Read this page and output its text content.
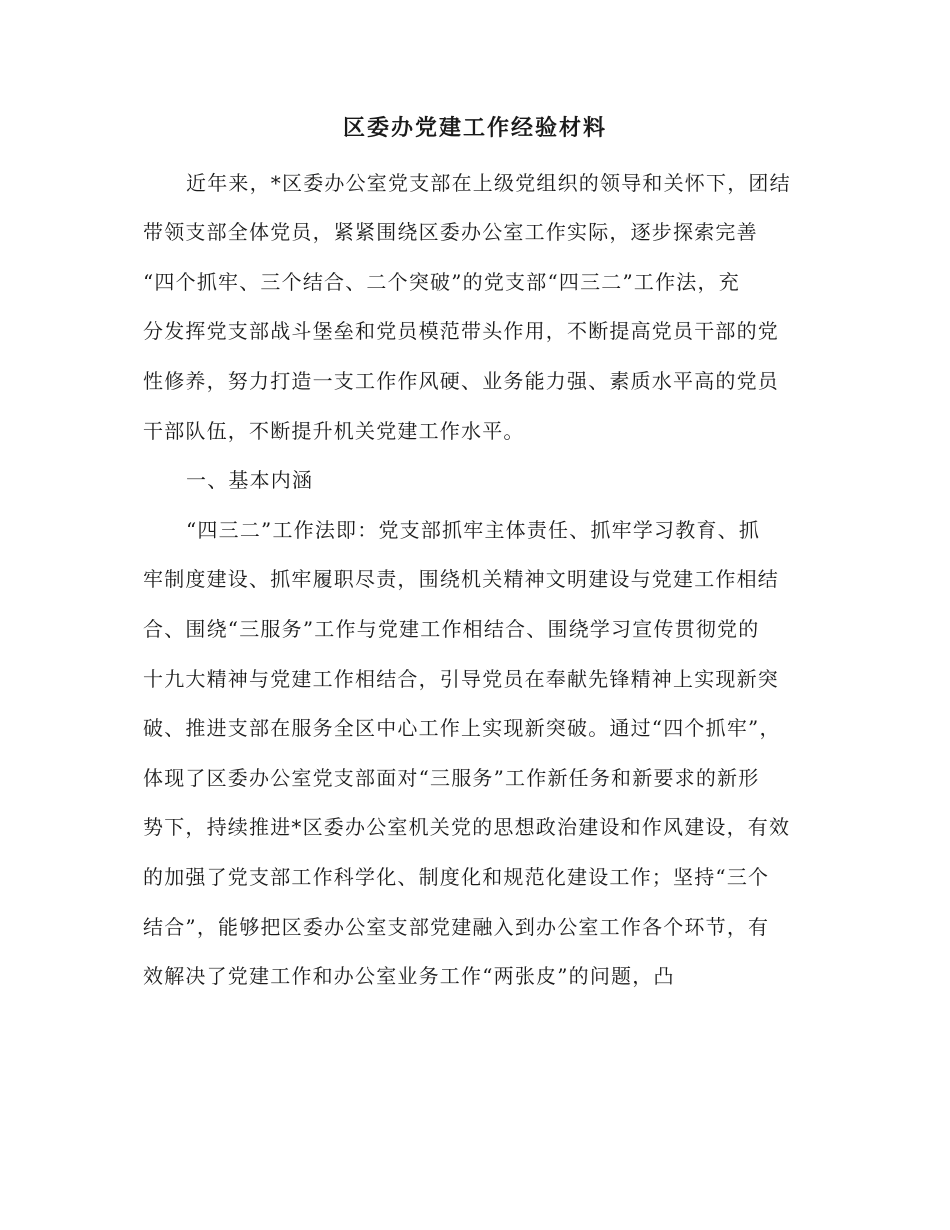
区委办党建工作经验材料
近年来，*区委办公室党支部在上级党组织的领导和关怀下，团结
带领支部全体党员，紧紧围绕区委办公室工作实际，逐步探索完善
“四个抓牢、三个结合、二个突破”的党支部“四三二”工作法，充
分发挥党支部战斗堡垒和党员模范带头作用，不断提高党员干部的党
性修养，努力打造一支工作作风硬、业务能力强、素质水平高的党员
干部队伍，不断提升机关党建工作水平。
一、基本内涵
“四三二”工作法即：党支部抓牢主体责任、抓牢学习教育、抓
牢制度建设、抓牢履职尽责，围绕机关精神文明建设与党建工作相结
合、围绕“三服务”工作与党建工作相结合、围绕学习宣传贯彻党的
十九大精神与党建工作相结合，引导党员在奉献先锋精神上实现新突
破、推进支部在服务全区中心工作上实现新突破。通过“四个抓牢”，
体现了区委办公室党支部面对“三服务”工作新任务和新要求的新形
势下，持续推进*区委办公室机关党的思想政治建设和作风建设，有效
的加强了党支部工作科学化、制度化和规范化建设工作；坚持“三个
结合”，能够把区委办公室支部党建融入到办公室工作各个环节，有
效解决了党建工作和办公室业务工作“两张皮”的问题，凸
